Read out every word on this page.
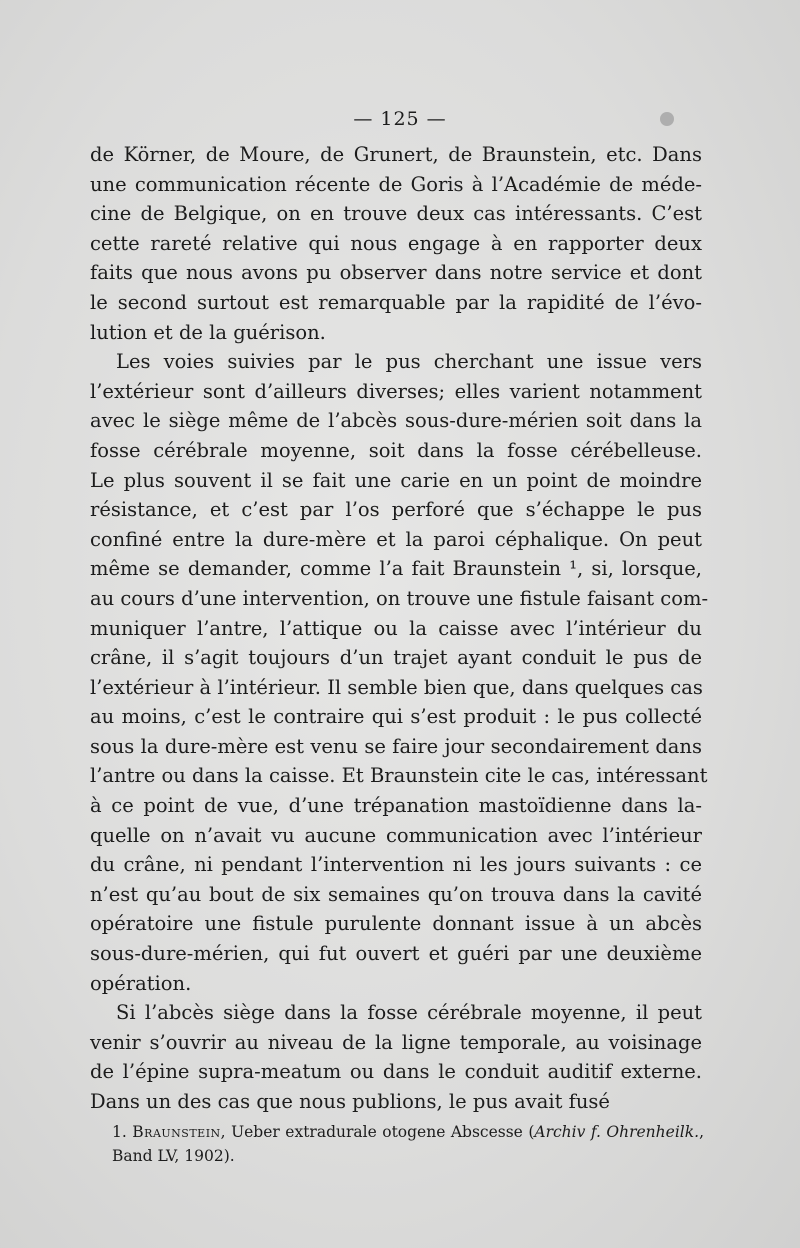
— 125 —
de Körner, de Moure, de Grunert, de Braunstein, etc. Dans
une communication récente de Goris à l’Académie de méde-
cine de Belgique, on en trouve deux cas intéressants. C’est
cette rareté relative qui nous engage à en rapporter deux
faits que nous avons pu observer dans notre service et dont
le second surtout est remarquable par la rapidité de l’évo-
lution et de la guérison.
Les voies suivies par le pus cherchant une issue vers
l’extérieur sont d’ailleurs diverses; elles varient notamment
avec le siège même de l’abcès sous-dure-mérien soit dans la
fosse cérébrale moyenne, soit dans la fosse cérébelleuse.
Le plus souvent il se fait une carie en un point de moindre
résistance, et c’est par l’os perforé que s’échappe le pus
confiné entre la dure-mère et la paroi céphalique. On peut
même se demander, comme l’a fait Braunstein ¹, si, lorsque,
au cours d’une intervention, on trouve une fistule faisant com-
muniquer l’antre, l’attique ou la caisse avec l’intérieur du
crâne, il s’agit toujours d’un trajet ayant conduit le pus de
l’extérieur à l’intérieur. Il semble bien que, dans quelques cas
au moins, c’est le contraire qui s’est produit : le pus collecté
sous la dure-mère est venu se faire jour secondairement dans
l’antre ou dans la caisse. Et Braunstein cite le cas, intéressant
à ce point de vue, d’une trépanation mastoïdienne dans la-
quelle on n’avait vu aucune communication avec l’intérieur
du crâne, ni pendant l’intervention ni les jours suivants : ce
n’est qu’au bout de six semaines qu’on trouva dans la cavité
opératoire une fistule purulente donnant issue à un abcès
sous-dure-mérien, qui fut ouvert et guéri par une deuxième
opération.
Si l’abcès siège dans la fosse cérébrale moyenne, il peut
venir s’ouvrir au niveau de la ligne temporale, au voisinage
de l’épine supra-meatum ou dans le conduit auditif externe.
Dans un des cas que nous publions, le pus avait fusé
1. Braunstein, Ueber extradurale otogene Abscesse (Archiv f. Ohrenheilk.,
Band LV, 1902).
